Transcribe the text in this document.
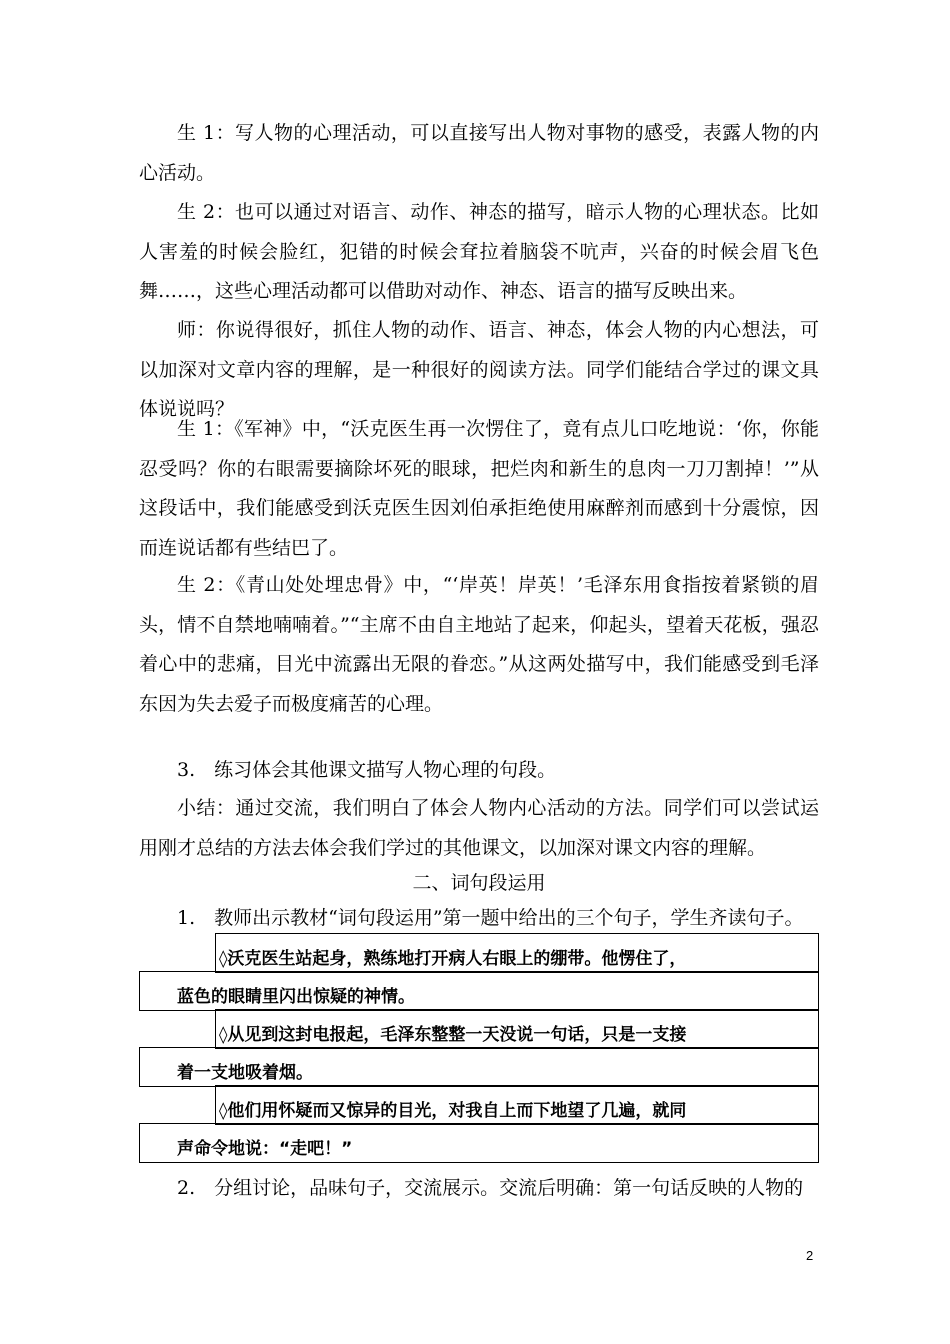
生 1：写人物的心理活动，可以直接写出人物对事物的感受，表露人物的内心活动。

生 2：也可以通过对语言、动作、神态的描写，暗示人物的心理状态。比如人害羞的时候会脸红，犯错的时候会耷拉着脑袋不吭声，兴奋的时候会眉飞色舞……，这些心理活动都可以借助对动作、神态、语言的描写反映出来。

师：你说得很好，抓住人物的动作、语言、神态，体会人物的内心想法，可以加深对文章内容的理解，是一种很好的阅读方法。同学们能结合学过的课文具体说说吗？

生 1：《军神》中，“沃克医生再一次愣住了，竟有点儿口吃地说：‘你，你能忍受吗？你的右眼需要摘除坏死的眼球，把烂肉和新生的息肉一刀刀割掉！’”从这段话中，我们能感受到沃克医生因刘伯承拒绝使用麻醉剂而感到十分震惊，因而连说话都有些结巴了。

生 2：《青山处处埋忠骨》中，“‘岸英！岸英！’毛泽东用食指按着紧锁的眉头，情不自禁地喃喃着。”“主席不由自主地站了起来，仰起头，望着天花板，强忍着心中的悲痛，目光中流露出无限的眷恋。”从这两处描写中，我们能感受到毛泽东因为失去爱子而极度痛苦的心理。

3.　练习体会其他课文描写人物心理的句段。

小结：通过交流，我们明白了体会人物内心活动的方法。同学们可以尝试运用刚才总结的方法去体会我们学过的其他课文，以加深对课文内容的理解。

二、词句段运用

1.　教师出示教材“词句段运用”第一题中给出的三个句子，学生齐读句子。

◊沃克医生站起身，熟练地打开病人右眼上的绷带。他愣住了，

蓝色的眼睛里闪出惊疑的神情。

◊从见到这封电报起，毛泽东整整一天没说一句话，只是一支接

着一支地吸着烟。

◊他们用怀疑而又惊异的目光，对我自上而下地望了几遍，就同

声命令地说：“走吧！”

2.　分组讨论，品味句子，交流展示。交流后明确：第一句话反映的人物的

2
